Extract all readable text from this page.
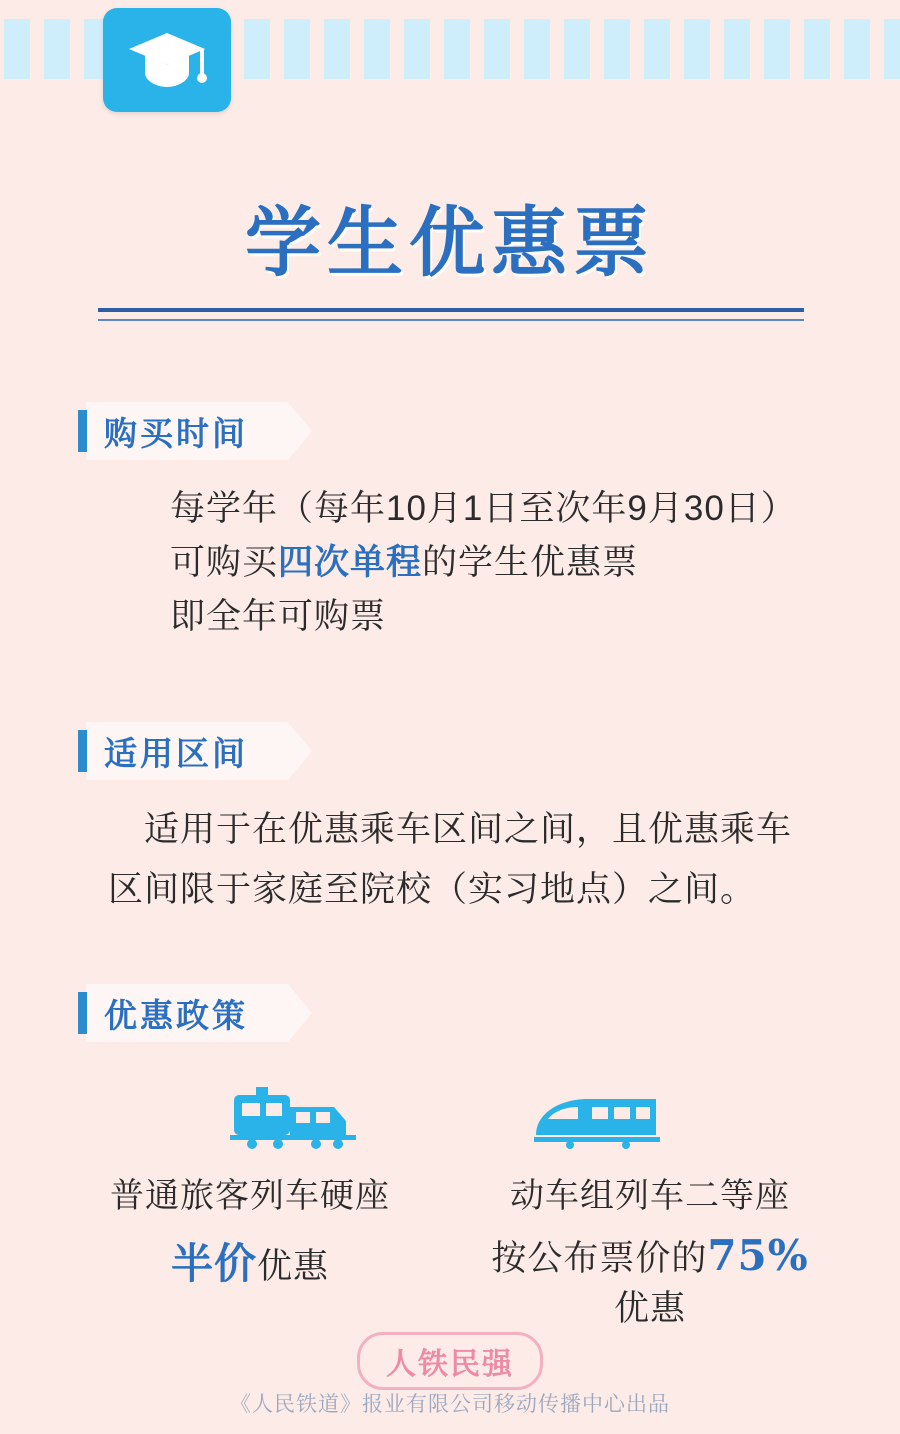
学生优惠票
购买时间
每学年（每年10月1日至次年9月30日）
可购买四次单程的学生优惠票
即全年可购票
适用区间
　适用于在优惠乘车区间之间，且优惠乘车
区间限于家庭至院校（实习地点）之间。
优惠政策
普通旅客列车硬座
半价优惠
动车组列车二等座
按公布票价的75%优惠
人铁民强
《人民铁道》报业有限公司移动传播中心出品
